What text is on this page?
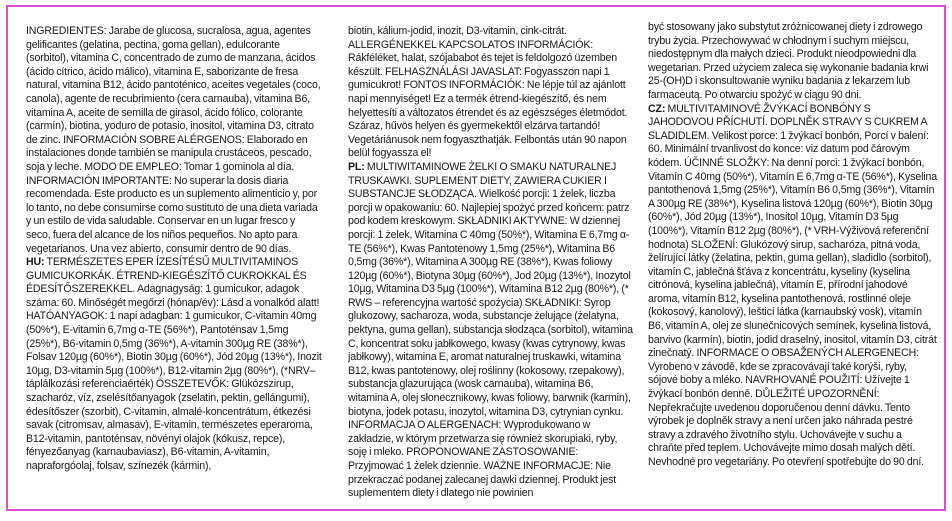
INGREDIENTES: Jarabe de glucosa, sucralosa, agua, agentes gelificantes (gelatina, pectina, goma gellan), edulcorante (sorbitol), vitamina C, concentrado de zumo de manzana, ácidos (ácido cítrico, ácido málico), vitamina E, saborizante de fresa natural, vitamina B12, ácido pantoténico, aceites vegetales (coco, canola), agente de recubrimiento (cera carnauba), vitamina B6, vitamina A, aceite de semilla de girasol, ácido fólico, colorante (carmín), biotina, yoduro de potasio, inositol, vitamina D3, citrato de zinc. INFORMACIÓN SOBRE ALÉRGENOS: Elaborado en instalaciones donde también se manipula crustáceos, pescado, soja y leche. MODO DE EMPLEO: Tomar 1 gominola al día. INFORMACIÓN IMPORTANTE: No superar la dosis diaria recomendada. Este producto es un suplemento alimenticio y, por lo tanto, no debe consumirse como sustituto de una dieta variada y un estilo de vida saludable. Conservar en un lugar fresco y seco, fuera del alcance de los niños pequeños. No apto para vegetarianos. Una vez abierto, consumir dentro de 90 días.

HU: TERMÉSZETES EPER ÍZESÍTÉSŰ MULTIVITAMINOS GUMICUKORKÁK. ÉTREND-KIEGÉSZÍTŐ CUKROKKAL ÉS ÉDESÍTŐSZEREKKEL. Adagnagyság: 1 gumicukor, adagok száma: 60. Minőségét megőrzi (hónap/év): Lásd a vonalkód alatt! HATÓANYAGOK: 1 napi adagban: 1 gumicukor, C-vitamin 40mg (50%*), E-vitamin 6,7mg α-TE (56%*), Pantoténsav 1,5mg (25%*), B6-vitamin 0,5mg (36%*), A-vitamin 300µg RE (38%*), Folsav 120µg (60%*), Biotin 30µg (60%*), Jód 20µg (13%*), Inozit 10µg, D3-vitamin 5µg (100%*), B12-vitamin 2µg (80%*), (*NRV–táplálkozási referenciaérték) ÖSSZETEVŐK: Glükózszirup, szacharóz, víz, zselésítőanyagok (zselatin, pektin, gellángumi), édesítőszer (szorbit), C-vitamin, almalé-koncentrátum, étkezési savak (citromsav, almasav), E-vitamin, természetes eperaroma, B12-vitamin, pantoténsav, növényi olajok (kókusz, repce), fényezőanyag (karnaubaviasz), B6-vitamin, A-vitamin, napraforgóolaj, folsav, színezék (kármin),

biotin, kálium-jodid, inozit, D3-vitamin, cink-citrát. ALLERGÉNEKKEL KAPCSOLATOS INFORMÁCIÓK: Rákféléket, halat, szójababot és tejet is feldolgozó üzemben készült. FELHASZNÁLÁSI JAVASLAT: Fogyasszon napi 1 gumicukrot! FONTOS INFORMÁCIÓK: Ne lépje túl az ajánlott napi mennyiséget! Ez a termék étrend-kiegészítő, és nem helyettesíti a változatos étrendet és az egészséges életmódot. Száraz, hűvös helyen és gyermekektől elzárva tartandó! Vegetáriánusok nem fogyaszthatják. Felbontás után 90 napon belül fogyassza el!

PL: MULTIWITAMINOWE ŻELKI O SMAKU NATURALNEJ TRUSKAWKI. SUPLEMENT DIETY, ZAWIERA CUKIER I SUBSTANCJE SŁODZĄCA. Wielkość porcji: 1 żelek, liczba porcji w opakowaniu: 60. Najlepiej spożyć przed końcem: patrz pod kodem kreskowym. SKŁADNIKI AKTYWNE: W dziennej porcji: 1 żelek, Witamina C 40mg (50%*), Witamina E 6,7mg α-TE (56%*), Kwas Pantotenowy 1,5mg (25%*), Witamina B6 0,5mg (36%*), Witamina A 300µg RE (38%*), Kwas foliowy 120µg (60%*), Biotyna 30µg (60%*), Jod 20µg (13%*), Inozytol 10µg, Witamina D3 5µg (100%*), Witamina B12 2µg (80%*), (* RWS – referencyjna wartość spożycia) SKŁADNIKI: Syrop glukozowy, sacharoza, woda, substancje żelujące (żelatyna, pektyna, guma gellan), substancja słodząca (sorbitol), witamina C, koncentrat soku jabłkowego, kwasy (kwas cytrynowy, kwas jabłkowy), witamina E, aromat naturalnej truskawki, witamina B12, kwas pantotenowy, olej roślinny (kokosowy, rzepakowy), substancja glazurująca (wosk carnauba), witamina B6, witamina A, olej słonecznikowy, kwas foliowy, barwnik (karmin), biotyna, jodek potasu, inozytol, witamina D3, cytrynian cynku. INFORMACJA O ALERGENACH: Wyprodukowano w zakładzie, w którym przetwarza się również skorupiaki, ryby, soję i mleko. PROPONOWANE ZASTOSOWANIE: Przyjmować 1 żelek dziennie. WAŻNE INFORMACJE: Nie przekraczać podanej zalecanej dawki dziennej. Produkt jest suplementem diety i dlatego nie powinien

być stosowany jako substytut zróżnicowanej diety i zdrowego trybu życia. Przechowywać w chłodnym i suchym miejscu, niedostępnym dla małych dzieci. Produkt nieodpowiedni dla wegetarian. Przed użyciem zaleca się wykonanie badania krwi 25-(OH)D i skonsultowanie wyniku badania z lekarzem lub farmaceutą. Po otwarciu spożyć w ciągu 90 dni.

CZ: MULTIVITAMINOVÉ ŽVÝKACÍ BONBÓNY S JAHODOVOU PŘÍCHUTÍ. DOPLNĚK STRAVY S CUKREM A SLADIDLEM. Velikost porce: 1 žvýkací bonbón, Porcí v balení: 60. Minimální trvanlivost do konce: viz datum pod čárovým kódem. ÚČINNÉ SLOŽKY: Na denní porci: 1 žvýkací bonbón, Vitamín C 40mg (50%*), Vitamín E 6,7mg α-TE (56%*), Kyselina pantothenová 1,5mg (25%*), Vitamín B6 0,5mg (36%*), Vitamín A 300µg RE (38%*), Kyselina listová 120µg (60%*), Biotin 30µg (60%*), Jód 20µg (13%*), Inositol 10µg, Vitamín D3 5µg (100%*), Vitamín B12 2µg (80%*), (* VRH-Výživová referenční hodnota) SLOŽENÍ: Glukózový sirup, sacharóza, pitná voda, želírující látky (želatina, pektin, guma gellan), sladidlo (sorbitol), vitamín C, jablečná šťáva z koncentrátu, kyseliny (kyselina citrónová, kyselina jablečná), vitamín E, přírodní jahodové aroma, vitamín B12, kyselina pantothenová, rostlinné oleje (kokosový, kanolový), lešticí látka (karnaubský vosk), vitamín B6, vitamín A, olej ze slunečnicových semínek, kyselina listová, barvivo (karmín), biotin, jodid draselný, inositol, vitamín D3, citrát zinečnatý. INFORMACE O OBSAŽENÝCH ALERGENECH: Vyrobeno v závodě, kde se zpracovávají také korýši, ryby, sójové boby a mléko. NAVRHOVANÉ POUŽITÍ: Užívejte 1 žvýkací bonbón denně. DŮLEŽITÉ UPOZORNĚNÍ: Nepřekračujte uvedenou doporučenou denní dávku. Tento výrobek je doplněk stravy a není určen jako náhrada pestré stravy a zdravého životního stylu. Uchovávejte v suchu a chraňte před teplem. Uchovávejte mimo dosah malých dětí. Nevhodné pro vegetariány. Po otevření spotřebujte do 90 dní.
